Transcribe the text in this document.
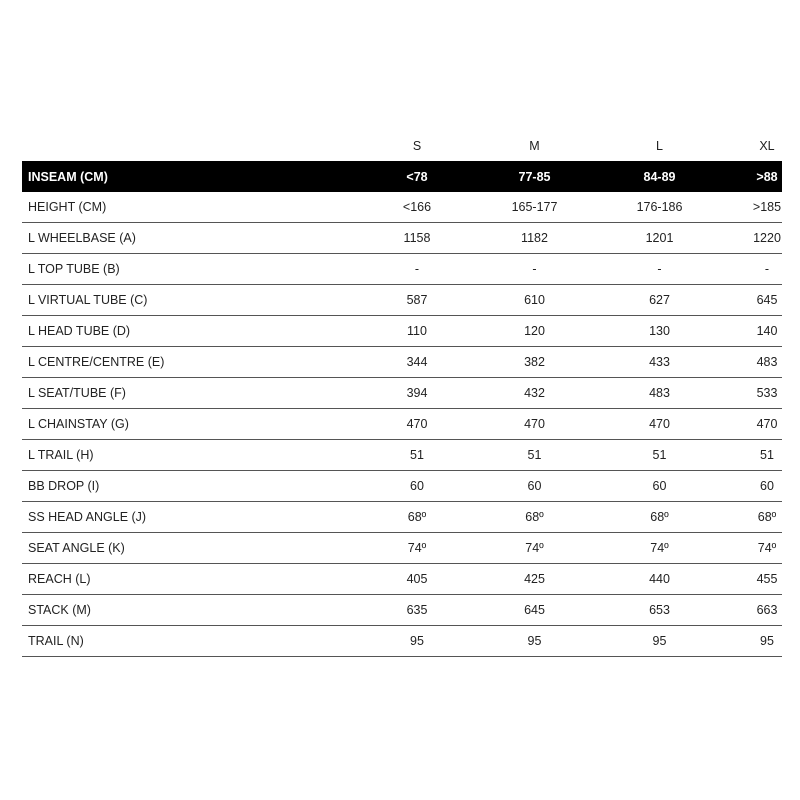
	S	M	L	XL
INSEAM (CM)	<78	77-85	84-89	>88
HEIGHT (CM)	<166	165-177	176-186	>185
L WHEELBASE (A)	1158	1182	1201	1220
L TOP TUBE (B)	-	-	-	-
L VIRTUAL TUBE (C)	587	610	627	645
L HEAD TUBE (D)	110	120	130	140
L CENTRE/CENTRE (E)	344	382	433	483
L SEAT/TUBE (F)	394	432	483	533
L CHAINSTAY (G)	470	470	470	470
L TRAIL (H)	51	51	51	51
BB DROP (I)	60	60	60	60
SS HEAD ANGLE (J)	68º	68º	68º	68º
SEAT ANGLE (K)	74º	74º	74º	74º
REACH (L)	405	425	440	455
STACK (M)	635	645	653	663
TRAIL (N)	95	95	95	95
